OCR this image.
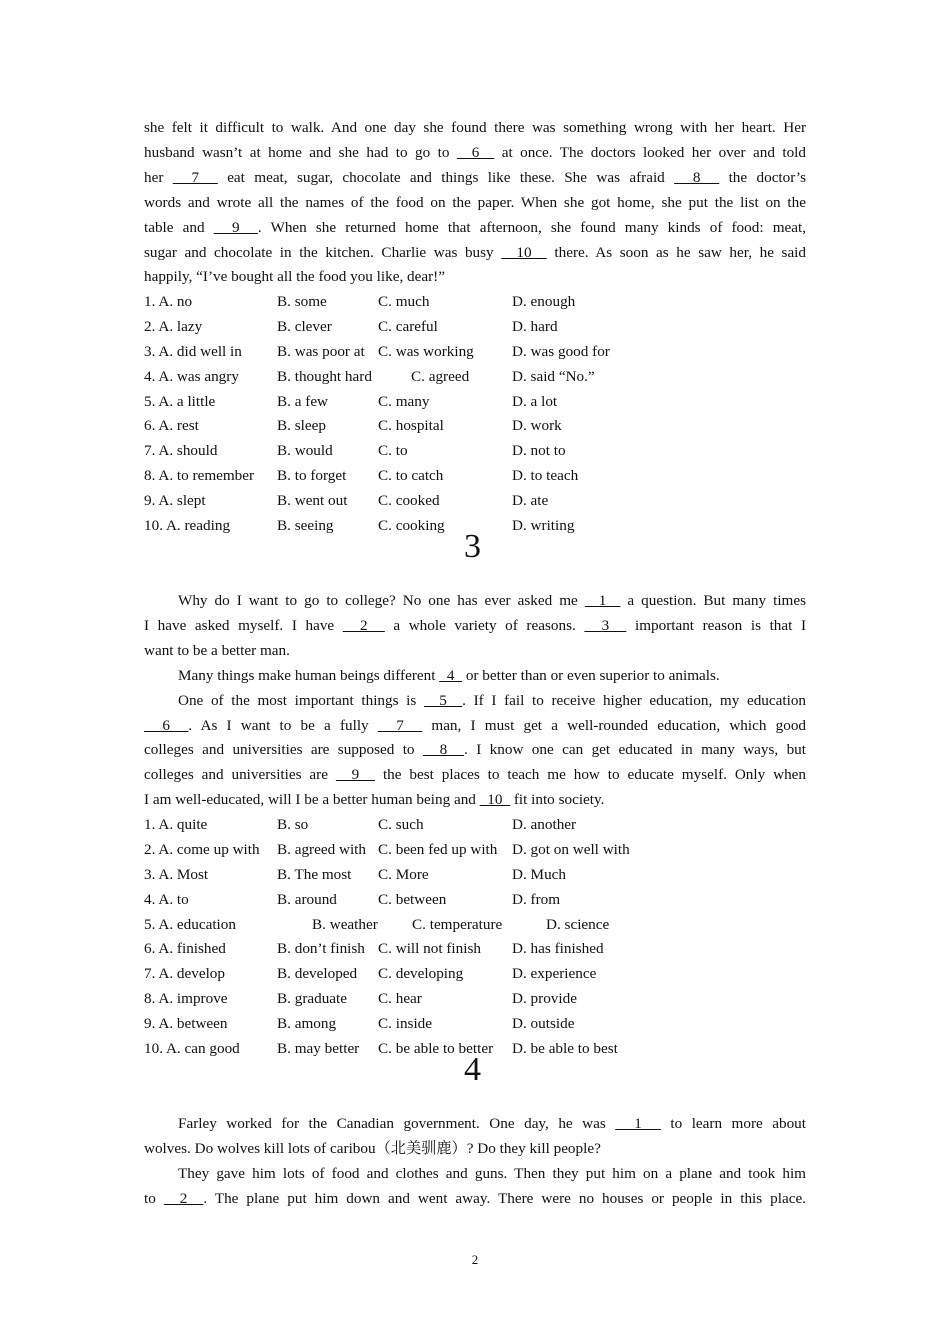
she felt it difficult to walk. And one day she found there was something wrong with her heart. Her
husband wasn’t at home and she had to go to   6   at once. The doctors looked her over and told
her   7   eat meat, sugar, chocolate and things like these. She was afraid   8   the doctor’s
words and wrote all the names of the food on the paper. When she got home, she put the list on the
table and   9  . When she returned home that afternoon, she found many kinds of food: meat,
sugar and chocolate in the kitchen. Charlie was busy   10   there. As soon as he saw her, he said
happily, “I’ve bought all the food you like, dear!”
1. A. no	B. some	C. much	D. enough
2. A. lazy	B. clever	C. careful	D. hard
3. A. did well in B. was poor at C. was working	D. was good for
4. A. was angry	B. thought hard	C. agreed	D. said “No.”
5. A. a little	B. a few	C. many	D. a lot
6. A. rest	B. sleep	C. hospital	D. work
7. A. should	B. would	C. to	D. not to
8. A. to remember B. to forget C. to catch	D. to teach
9. A. slept	B. went out C. cooked	D. ate
10. A. reading	B. seeing	C. cooking	D. writing
3
Why do I want to go to college? No one has ever asked me   1   a question. But many times
I have asked myself. I have   2   a whole variety of reasons.   3   important reason is that I
want to be a better man.
Many things make human beings different   4   or better than or even superior to animals.
One of the most important things is   5  . If I fail to receive higher education, my education
6  . As I want to be a fully   7   man, I must get a well-rounded education, which good
colleges and universities are supposed to   8  . I know one can get educated in many ways, but
colleges and universities are   9   the best places to teach me how to educate myself. Only when
I am well-educated, will I be a better human being and   10   fit into society.
1. A. quite	B. so	C. such	D. another
2. A. come up with B. agreed with C. been fed up with D. got on well with
3. A. Most	B. The most C. More	D. Much
4. A. to	B. around	C. between	D. from
5. A. education	B. weather C. temperature	D. science
6. A. finished	B. don’t finish C. will not finish D. has finished
7. A. develop	B. developed C. developing	D. experience
8. A. improve	B. graduate C. hear	D. provide
9. A. between	B. among	C. inside	D. outside
10. A. can good B. may better C. be able to better D. be able to best
4
Farley worked for the Canadian government. One day, he was   1   to learn more about
wolves. Do wolves kill lots of caribou（北美驯鹿）? Do they kill people?
They gave him lots of food and clothes and guns. Then they put him on a plane and took him
to   2  . The plane put him down and went away. There were no houses or people in this place.
2
